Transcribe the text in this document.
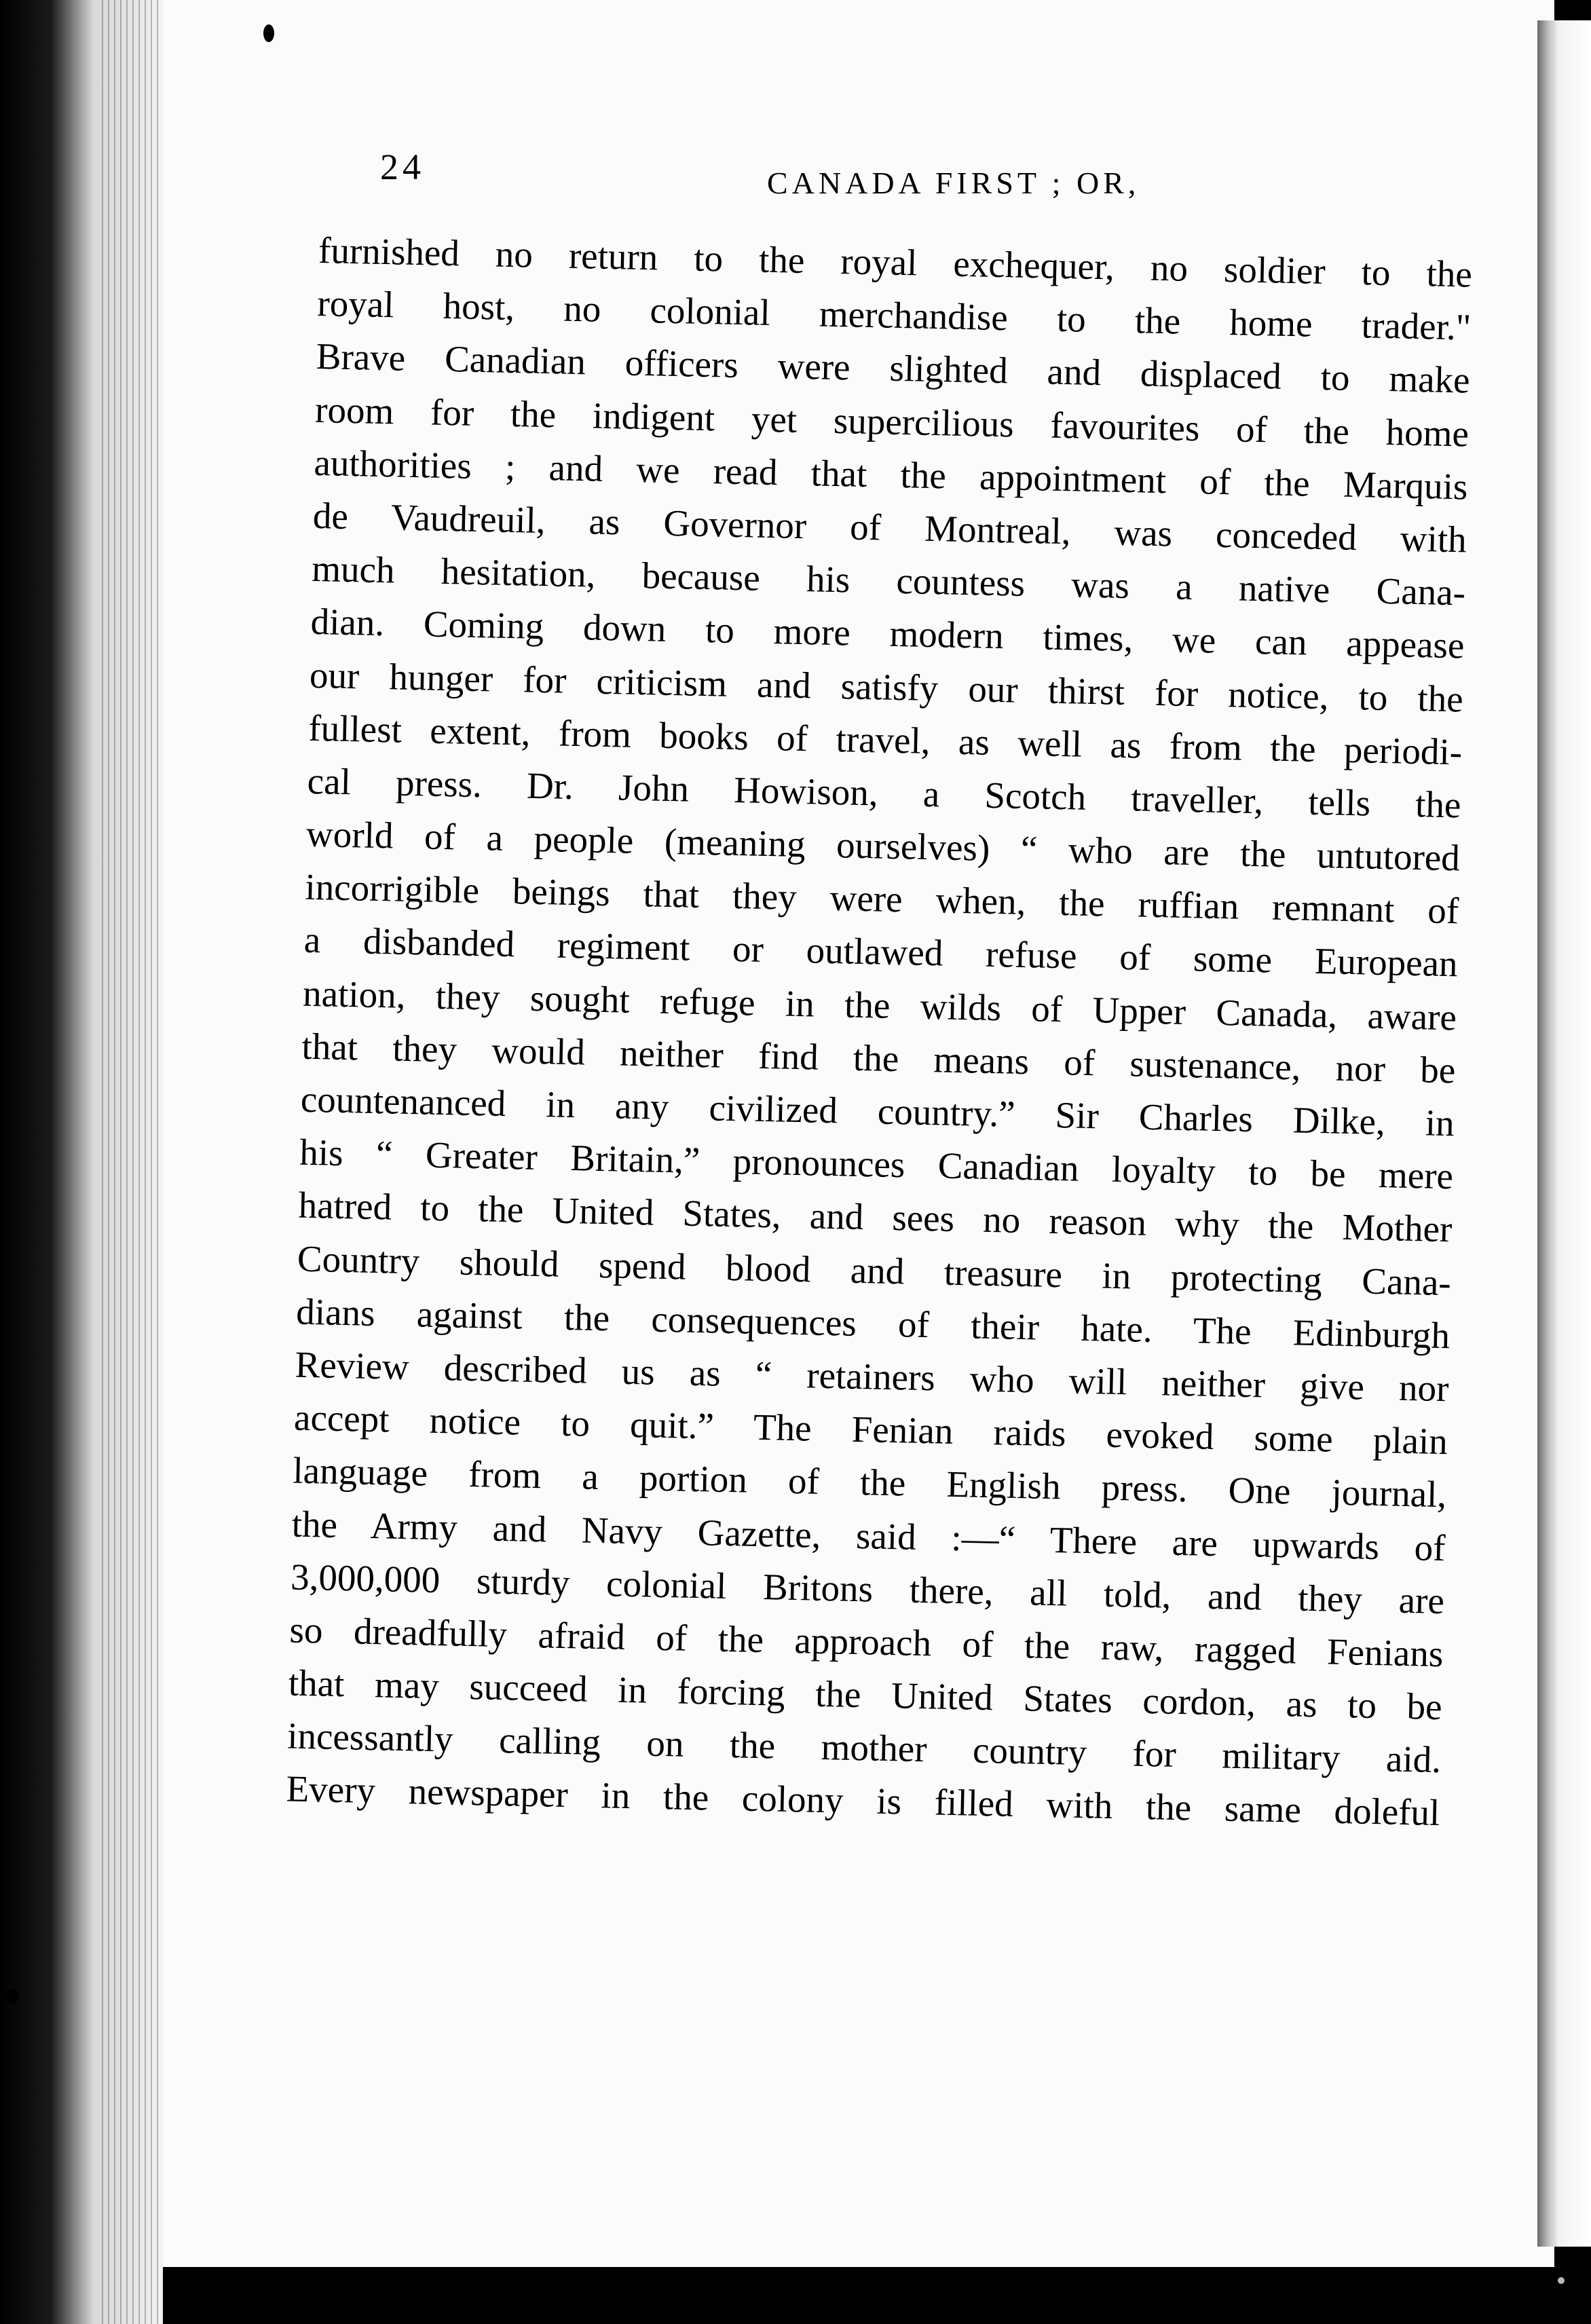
24	CANADA FIRST ; OR,
furnished no return to the royal exchequer, no soldier to the
royal host, no colonial merchandise to the home trader."
Brave Canadian officers were slighted and displaced to make
room for the indigent yet supercilious favourites of the home
authorities ; and we read that the appointment of the Marquis
de Vaudreuil, as Governor of Montreal, was conceded with
much hesitation, because his countess was a native Cana-
dian. Coming down to more modern times, we can appease
our hunger for criticism and satisfy our thirst for notice, to the
fullest extent, from books of travel, as well as from the periodi-
cal press. Dr. John Howison, a Scotch traveller, tells the
world of a people (meaning ourselves) “ who are the untutored
incorrigible beings that they were when, the ruffian remnant of
a disbanded regiment or outlawed refuse of some European
nation, they sought refuge in the wilds of Upper Canada, aware
that they would neither find the means of sustenance, nor be
countenanced in any civilized country.” Sir Charles Dilke, in
his “ Greater Britain,” pronounces Canadian loyalty to be mere
hatred to the United States, and sees no reason why the Mother
Country should spend blood and treasure in protecting Cana-
dians against the consequences of their hate. The Edinburgh
Review described us as “ retainers who will neither give nor
accept notice to quit.” The Fenian raids evoked some plain
language from a portion of the English press. One journal,
the Army and Navy Gazette, said :—“ There are upwards of
3,000,000 sturdy colonial Britons there, all told, and they are
so dreadfully afraid of the approach of the raw, ragged Fenians
that may succeed in forcing the United States cordon, as to be
incessantly calling on the mother country for military aid.
Every newspaper in the colony is filled with the same doleful
